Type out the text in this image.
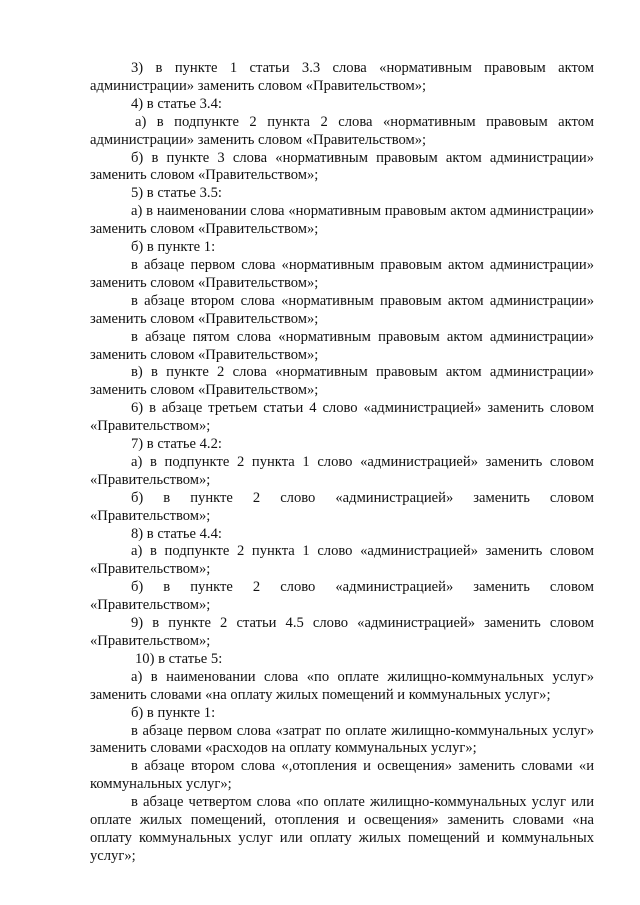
3) в пункте 1 статьи 3.3 слова «нормативным правовым актом администрации» заменить словом «Правительством»;

4) в статье 3.4:

а) в подпункте 2 пункта 2 слова «нормативным правовым актом администрации» заменить словом «Правительством»;

б) в пункте 3 слова «нормативным правовым актом администрации» заменить словом «Правительством»;

5) в статье 3.5:

а) в наименовании слова «нормативным правовым актом администрации» заменить словом «Правительством»;

б) в пункте 1:

в абзаце первом слова «нормативным правовым актом администрации» заменить словом «Правительством»;

в абзаце втором слова «нормативным правовым актом администрации» заменить словом «Правительством»;

в абзаце пятом слова «нормативным правовым актом администрации» заменить словом «Правительством»;

в) в пункте 2 слова «нормативным правовым актом администрации» заменить словом «Правительством»;

6) в абзаце третьем статьи 4 слово «администрацией» заменить словом «Правительством»;

7) в статье 4.2:

а) в подпункте 2 пункта 1 слово «администрацией» заменить словом «Правительством»;

б) в пункте 2 слово «администрацией» заменить словом «Правительством»;

8) в статье 4.4:

а) в подпункте 2 пункта 1 слово «администрацией» заменить словом «Правительством»;

б) в пункте 2 слово «администрацией» заменить словом «Правительством»;

9) в пункте 2 статьи 4.5 слово «администрацией» заменить словом «Правительством»;

10) в статье 5:

а) в наименовании слова «по оплате жилищно-коммунальных услуг» заменить словами «на оплату жилых помещений и коммунальных услуг»;

б) в пункте 1:

в абзаце первом слова «затрат по оплате жилищно-коммунальных услуг» заменить словами «расходов на оплату коммунальных услуг»;

в абзаце втором слова «,отопления и освещения» заменить словами «и коммунальных услуг»;

в абзаце четвертом слова «по оплате жилищно-коммунальных услуг или оплате жилых помещений, отопления и освещения» заменить словами «на оплату коммунальных услуг или оплату жилых помещений и коммунальных услуг»;
